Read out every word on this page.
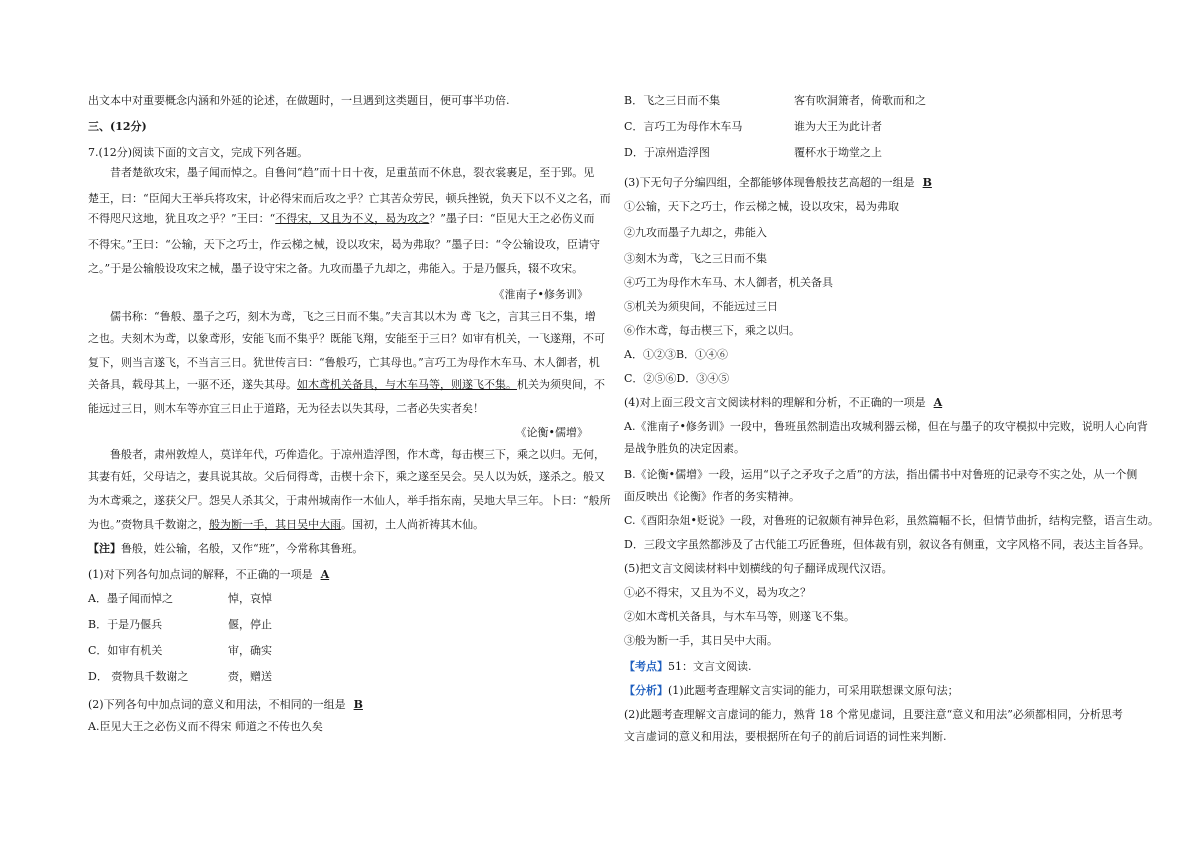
出文本中对重要概念内涵和外延的论述，在做题时，一旦遇到这类题目，便可事半功倍.
三、(12分)
7.(12分)阅读下面的文言文，完成下列各题。
昔者楚欲攻宋，墨子闻而悼之。自鲁问“趋”而十日十夜，足重茧而不休息，裂衣裳裹足，至于郢。见
楚王，曰：“臣闻大王举兵将攻宋，计必得宋而后攻之乎？亡其苦众劳民，顿兵挫锐，负天下以不义之名，而
不得咫尺这地，犹且攻之乎？”王曰：“不得宋，又且为不义，曷为攻之？”墨子曰：“臣见大王之必伤义而
不得宋。”王曰：“公输，天下之巧士，作云梯之械，设以攻宋，曷为弗取？”墨子曰：“令公输设攻，臣请守
之。”于是公输般设攻宋之械，墨子设守宋之备。九攻而墨子九却之，弗能入。于是乃偃兵，辍不攻宋。
《淮南子•修务训》
儒书称：“鲁般、墨子之巧，刻木为鸢，飞之三日而不集。”夫言其以木为 鸢 飞之，言其三日不集，增
之也。夫刻木为鸢，以象鸢形，安能飞而不集乎？既能飞翔，安能至于三日？如审有机关，一飞遂翔，不可
复下，则当言遂飞，不当言三日。犹世传言曰：“鲁般巧，亡其母也。”言巧工为母作木车马、木人御者，机
关备具，载母其上，一驱不还，遂失其母。如木鸢机关备具，与木车马等，则遂飞不集。机关为须臾间，不
能远过三日，则木车等亦宜三日止于道路，无为径去以失其母，二者必失实者矣！
《论衡•儒增》
鲁般者，肃州敦煌人，莫详年代，巧侔造化。于凉州造浮图，作木鸢，每击楔三下，乘之以归。无何，
其妻有妊，父母诘之，妻具说其故。父后伺得鸢，击楔十余下，乘之遂至吴会。吴人以为妖，遂杀之。般又
为木鸢乘之，遂获父尸。怨吴人杀其父，于肃州城南作一木仙人，举手指东南，吴地大旱三年。卜曰：“般所
为也。”赍物具千数谢之，般为断一手，其日吴中大雨。国初，土人尚祈祷其木仙。
【注】鲁般，姓公输，名般，又作“班”，今常称其鲁班。
(1)对下列各句加点词的解释，不正确的一项是 A
A．墨子闻而悼之	悼，哀悼
B．于是乃偃兵	偃，停止
C．如审有机关	审，确实
D． 赍物具千数谢之	赍，赠送
(2)下列各句中加点词的意义和用法，不相同的一组是 B
A.臣见大王之必伤义而不得宋 师道之不传也久矣
B．飞之三日而不集	客有吹洞箫者，倚歌而和之
C．言巧工为母作木车马	谁为大王为此计者
D．于凉州造浮图	覆杯水于坳堂之上
(3)下无句子分编四组，全都能够体现鲁般技艺高超的一组是 B
①公输，天下之巧士，作云梯之械，设以攻宋，曷为弗取
②九攻而墨子九却之，弗能入
③刻木为鸢，飞之三日而不集
④巧工为母作木车马、木人御者，机关备具
⑤机关为须臾间，不能远过三日
⑥作木鸢，每击楔三下，乘之以归。
A．①②③B．①④⑥
C．②⑤⑥D．③④⑤
(4)对上面三段文言文阅读材料的理解和分析，不正确的一项是 A
A.《淮南子•修务训》一段中，鲁班虽然制造出攻城利器云梯，但在与墨子的攻守模拟中完败，说明人心向背
是战争胜负的决定因素。
B.《论衡•儒增》一段，运用“以子之矛攻子之盾”的方法，指出儒书中对鲁班的记录夸不实之处，从一个侧
面反映出《论衡》作者的务实精神。
C.《酉阳杂俎•贬说》一段，对鲁班的记叙颇有神异色彩，虽然篇幅不长，但情节曲折，结构完整，语言生动。
D．三段文字虽然都涉及了古代能工巧匠鲁班，但体裁有别，叙议各有侧重，文字风格不同，表达主旨各异。
(5)把文言文阅读材料中划横线的句子翻译成现代汉语。
①必不得宋，又且为不义，曷为攻之？
②如木鸢机关备具，与木车马等，则遂飞不集。
③般为断一手，其日吴中大雨。
【考点】51：文言文阅读.
【分析】(1)此题考查理解文言实词的能力，可采用联想课文原句法；
(2)此题考查理解文言虚词的能力，熟背 18 个常见虚词，且要注意“意义和用法”必须都相同，分析思考
文言虚词的意义和用法，要根据所在句子的前后词语的词性来判断.
